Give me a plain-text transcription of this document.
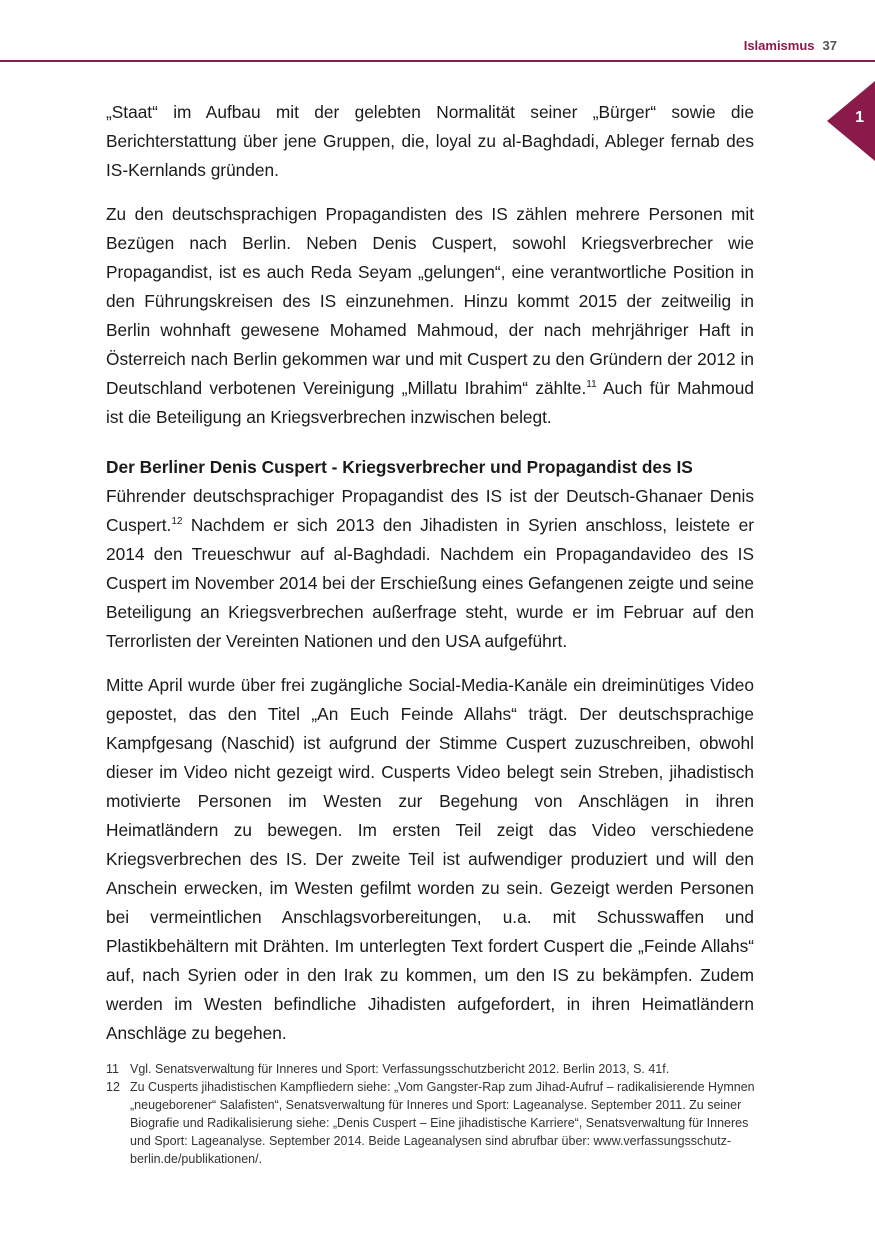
Islamismus 37
1

„Staat“ im Aufbau mit der gelebten Normalität seiner „Bürger“ sowie die Berichterstattung über jene Gruppen, die, loyal zu al-Baghdadi, Ableger fernab des IS-Kernlands gründen.

Zu den deutschsprachigen Propagandisten des IS zählen mehrere Personen mit Bezügen nach Berlin. Neben Denis Cuspert, sowohl Kriegsverbrecher wie Propagandist, ist es auch Reda Seyam „gelungen“, eine verantwortliche Position in den Führungskreisen des IS einzunehmen. Hinzu kommt 2015 der zeitweilig in Berlin wohnhaft gewesene Mohamed Mahmoud, der nach mehrjähriger Haft in Österreich nach Berlin gekommen war und mit Cuspert zu den Gründern der 2012 in Deutschland verbotenen Vereinigung „Millatu Ibrahim“ zählte.$^{11}$ Auch für Mahmoud ist die Beteiligung an Kriegsverbrechen inzwischen belegt.

Der Berliner Denis Cuspert - Kriegsverbrecher und Propagandist des IS

Führender deutschsprachiger Propagandist des IS ist der Deutsch-Ghanaer Denis Cuspert.$^{12}$ Nachdem er sich 2013 den Jihadisten in Syrien anschloss, leistete er 2014 den Treueschwur auf al-Baghdadi. Nachdem ein Propagandavideo des IS Cuspert im November 2014 bei der Erschießung eines Gefangenen zeigte und seine Beteiligung an Kriegsverbrechen außerfrage steht, wurde er im Februar auf den Terrorlisten der Vereinten Nationen und den USA aufgeführt.

Mitte April wurde über frei zugängliche Social-Media-Kanäle ein dreiminütiges Video gepostet, das den Titel „An Euch Feinde Allahs“ trägt. Der deutschsprachige Kampfgesang (Naschid) ist aufgrund der Stimme Cuspert zuzuschreiben, obwohl dieser im Video nicht gezeigt wird. Cusperts Video belegt sein Streben, jihadistisch motivierte Personen im Westen zur Begehung von Anschlägen in ihren Heimatländern zu bewegen. Im ersten Teil zeigt das Video verschiedene Kriegsverbrechen des IS. Der zweite Teil ist aufwendiger produziert und will den Anschein erwecken, im Westen gefilmt worden zu sein. Gezeigt werden Personen bei vermeintlichen Anschlagsvorbereitungen, u.a. mit Schusswaffen und Plastikbehältern mit Drähten. Im unterlegten Text fordert Cuspert die „Feinde Allahs“ auf, nach Syrien oder in den Irak zu kommen, um den IS zu bekämpfen. Zudem werden im Westen befindliche Jihadisten aufgefordert, in ihren Heimatländern Anschläge zu begehen.

11 Vgl. Senatsverwaltung für Inneres und Sport: Verfassungsschutzbericht 2012. Berlin 2013, S. 41f.
12 Zu Cusperts jihadistischen Kampfliedern siehe: „Vom Gangster-Rap zum Jihad-Aufruf – radikalisierende Hymnen „neugeborener“ Salafisten“, Senatsverwaltung für Inneres und Sport: Lageanalyse. September 2011. Zu seiner Biografie und Radikalisierung siehe: „Denis Cuspert – Eine jihadistische Karriere“, Senatsverwaltung für Inneres und Sport: Lageanalyse. September 2014. Beide Lageanalysen sind abrufbar über: www.verfassungsschutz-berlin.de/publikationen/.
